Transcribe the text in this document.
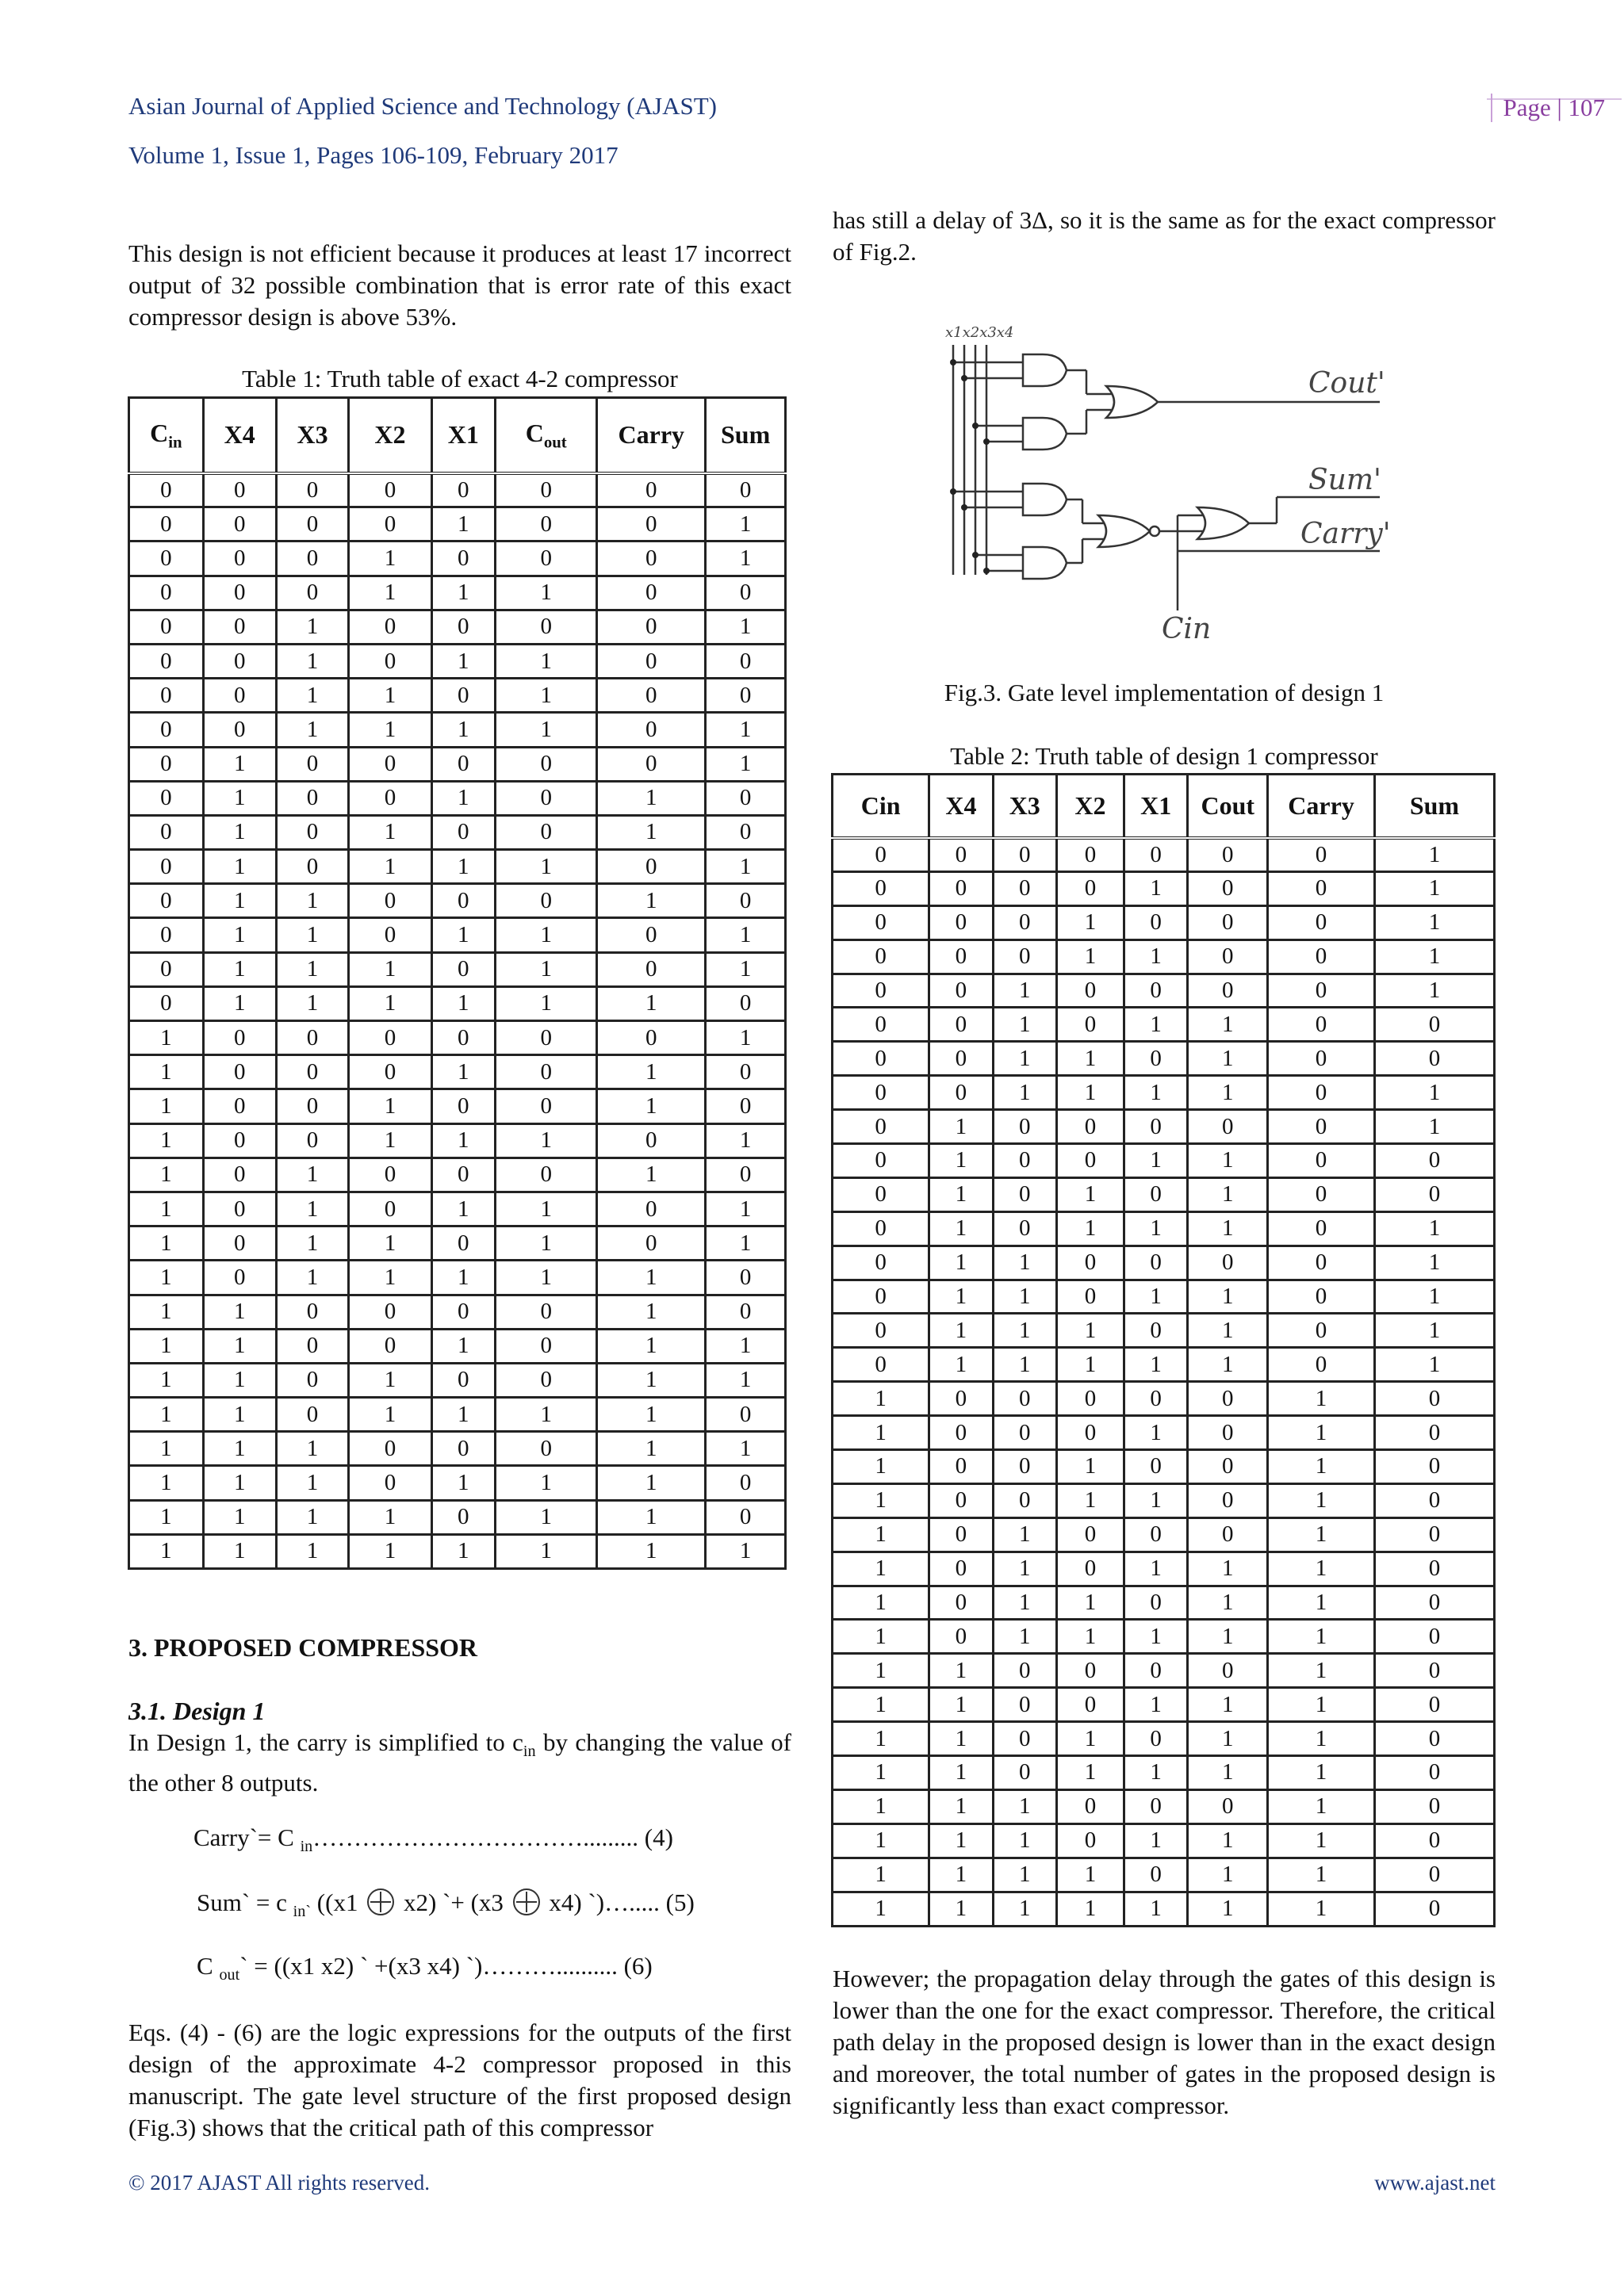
Asian Journal of Applied Science and Technology (AJAST)
Volume 1, Issue 1, Pages 106-109, February 2017
Page | 107

This design is not efficient because it produces at least 17 incorrect output of 32 possible combination that is error rate of this exact compressor design is above 53%.

Table 1: Truth table of exact 4-2 compressor
$C_{in}$	X4	X3	X2	X1	$C_{out}$	Carry	Sum
0	0	0	0	0	0	0	0
0	0	0	0	1	0	0	1
0	0	0	1	0	0	0	1
0	0	0	1	1	1	0	0
0	0	1	0	0	0	0	1
0	0	1	0	1	1	0	0
0	0	1	1	0	1	0	0
0	0	1	1	1	1	0	1
0	1	0	0	0	0	0	1
0	1	0	0	1	0	1	0
0	1	0	1	0	0	1	0
0	1	0	1	1	1	0	1
0	1	1	0	0	0	1	0
0	1	1	0	1	1	0	1
0	1	1	1	0	1	0	1
0	1	1	1	1	1	1	0
1	0	0	0	0	0	0	1
1	0	0	0	1	0	1	0
1	0	0	1	0	0	1	0
1	0	0	1	1	1	0	1
1	0	1	0	0	0	1	0
1	0	1	0	1	1	0	1
1	0	1	1	0	1	0	1
1	0	1	1	1	1	1	0
1	1	0	0	0	0	1	0
1	1	0	0	1	0	1	1
1	1	0	1	0	0	1	1
1	1	0	1	1	1	1	0
1	1	1	0	0	0	1	1
1	1	1	0	1	1	1	0
1	1	1	1	0	1	1	0
1	1	1	1	1	1	1	1
3. PROPOSED COMPRESSOR
3.1. Design 1

In Design 1, the carry is simplified to $c_{in}$ by changing the value of the other 8 outputs.

Carry`= C $_{in}$……………………………......... (4)
Sum` = c $_{in`}$ ((x1  x2) `+ (x3  x4) `)…..... (5)
C $_{out}$` = ((x1 x2) ` +(x3 x4) `)……….......... (6)

Eqs. (4) - (6) are the logic expressions for the outputs of the first design of the approximate 4-2 compressor proposed in this manuscript. The gate level structure of the first proposed design (Fig.3) shows that the critical path of this compressor

has still a delay of 3Δ, so it is the same as for the exact compressor of Fig.2.

x1x2x3x4
Cout'
Sum'
Carry'
Cin
Fig.3. Gate level implementation of design 1
Table 2: Truth table of design 1 compressor
Cin	X4	X3	X2	X1	Cout	Carry	Sum
0	0	0	0	0	0	0	1
0	0	0	0	1	0	0	1
0	0	0	1	0	0	0	1
0	0	0	1	1	0	0	1
0	0	1	0	0	0	0	1
0	0	1	0	1	1	0	0
0	0	1	1	0	1	0	0
0	0	1	1	1	1	0	1
0	1	0	0	0	0	0	1
0	1	0	0	1	1	0	0
0	1	0	1	0	1	0	0
0	1	0	1	1	1	0	1
0	1	1	0	0	0	0	1
0	1	1	0	1	1	0	1
0	1	1	1	0	1	0	1
0	1	1	1	1	1	0	1
1	0	0	0	0	0	1	0
1	0	0	0	1	0	1	0
1	0	0	1	0	0	1	0
1	0	0	1	1	0	1	0
1	0	1	0	0	0	1	0
1	0	1	0	1	1	1	0
1	0	1	1	0	1	1	0
1	0	1	1	1	1	1	0
1	1	0	0	0	0	1	0
1	1	0	0	1	1	1	0
1	1	0	1	0	1	1	0
1	1	0	1	1	1	1	0
1	1	1	0	0	0	1	0
1	1	1	0	1	1	1	0
1	1	1	1	0	1	1	0
1	1	1	1	1	1	1	0

However; the propagation delay through the gates of this design is lower than the one for the exact compressor. Therefore, the critical path delay in the proposed design is lower than in the exact design and moreover, the total number of gates in the proposed design is significantly less than exact compressor.

© 2017 AJAST All rights reserved.	www.ajast.net
